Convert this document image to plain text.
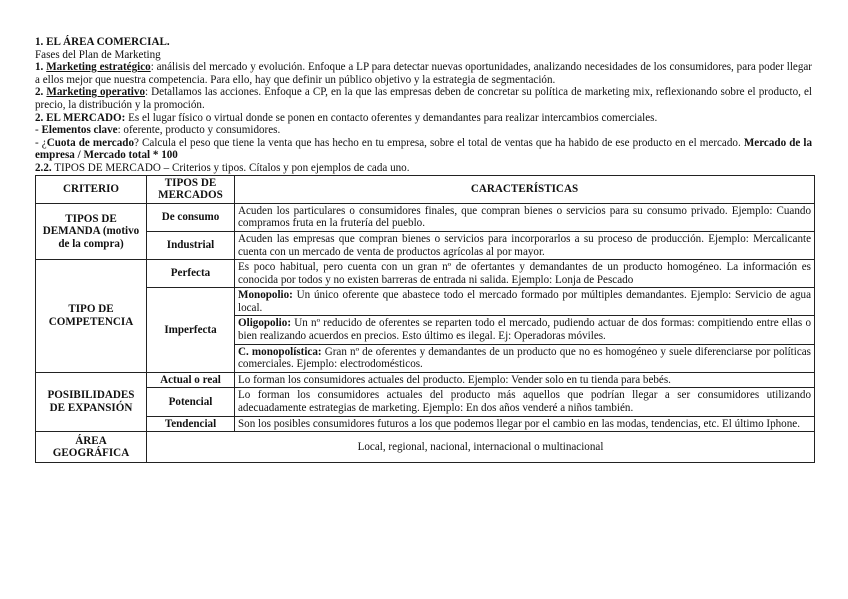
1. EL ÁREA COMERCIAL.
Fases del Plan de Marketing

1. Marketing estratégico: análisis del mercado y evolución. Enfoque a LP para detectar nuevas oportunidades, analizando necesidades de los consumidores, para poder llegar a ellos mejor que nuestra competencia. Para ello, hay que definir un público objetivo y la estrategia de segmentación.

2. Marketing operativo: Detallamos las acciones. Enfoque a CP, en la que las empresas deben de concretar su política de marketing mix, reflexionando sobre el producto, el precio, la distribución y la promoción.

2. EL MERCADO: Es el lugar físico o virtual donde se ponen en contacto oferentes y demandantes para realizar intercambios comerciales.

- Elementos clave: oferente, producto y consumidores.

- ¿Cuota de mercado? Calcula el peso que tiene la venta que has hecho en tu empresa, sobre el total de ventas que ha habido de ese producto en el mercado. Mercado de la empresa / Mercado total * 100

2.2. TIPOS DE MERCADO – Criterios y tipos. Cítalos y pon ejemplos de cada uno.

CRITERIO	TIPOS DE MERCADOS	CARACTERÍSTICAS
TIPOS DE DEMANDA (motivo de la compra)	De consumo	Acuden los particulares o consumidores finales, que compran bienes o servicios para su consumo privado. Ejemplo: Cuando compramos fruta en la frutería del pueblo.
	Industrial	Acuden las empresas que compran bienes o servicios para incorporarlos a su proceso de producción. Ejemplo: Mercalicante cuenta con un mercado de venta de productos agrícolas al por mayor.
TIPO DE COMPETENCIA	Perfecta	Es poco habitual, pero cuenta con un gran nº de ofertantes y demandantes de un producto homogéneo. La información es conocida por todos y no existen barreras de entrada ni salida. Ejemplo: Lonja de Pescado
	Imperfecta	Monopolio: Un único oferente que abastece todo el mercado formado por múltiples demandantes. Ejemplo: Servicio de agua local.
		Oligopolio: Un nº reducido de oferentes se reparten todo el mercado, pudiendo actuar de dos formas: compitiendo entre ellas o bien realizando acuerdos en precios. Esto último es ilegal. Ej: Operadoras móviles.
		C. monopolística: Gran nº de oferentes y demandantes de un producto que no es homogéneo y suele diferenciarse por políticas comerciales. Ejemplo: electrodomésticos.
POSIBILIDADES DE EXPANSIÓN	Actual o real	Lo forman los consumidores actuales del producto. Ejemplo: Vender solo en tu tienda para bebés.
	Potencial	Lo forman los consumidores actuales del producto más aquellos que podrían llegar a ser consumidores utilizando adecuadamente estrategias de marketing. Ejemplo: En dos años venderé a niños también.
	Tendencial	Son los posibles consumidores futuros a los que podemos llegar por el cambio en las modas, tendencias, etc. El último Iphone.
ÁREA GEOGRÁFICA	Local, regional, nacional, internacional o multinacional	
